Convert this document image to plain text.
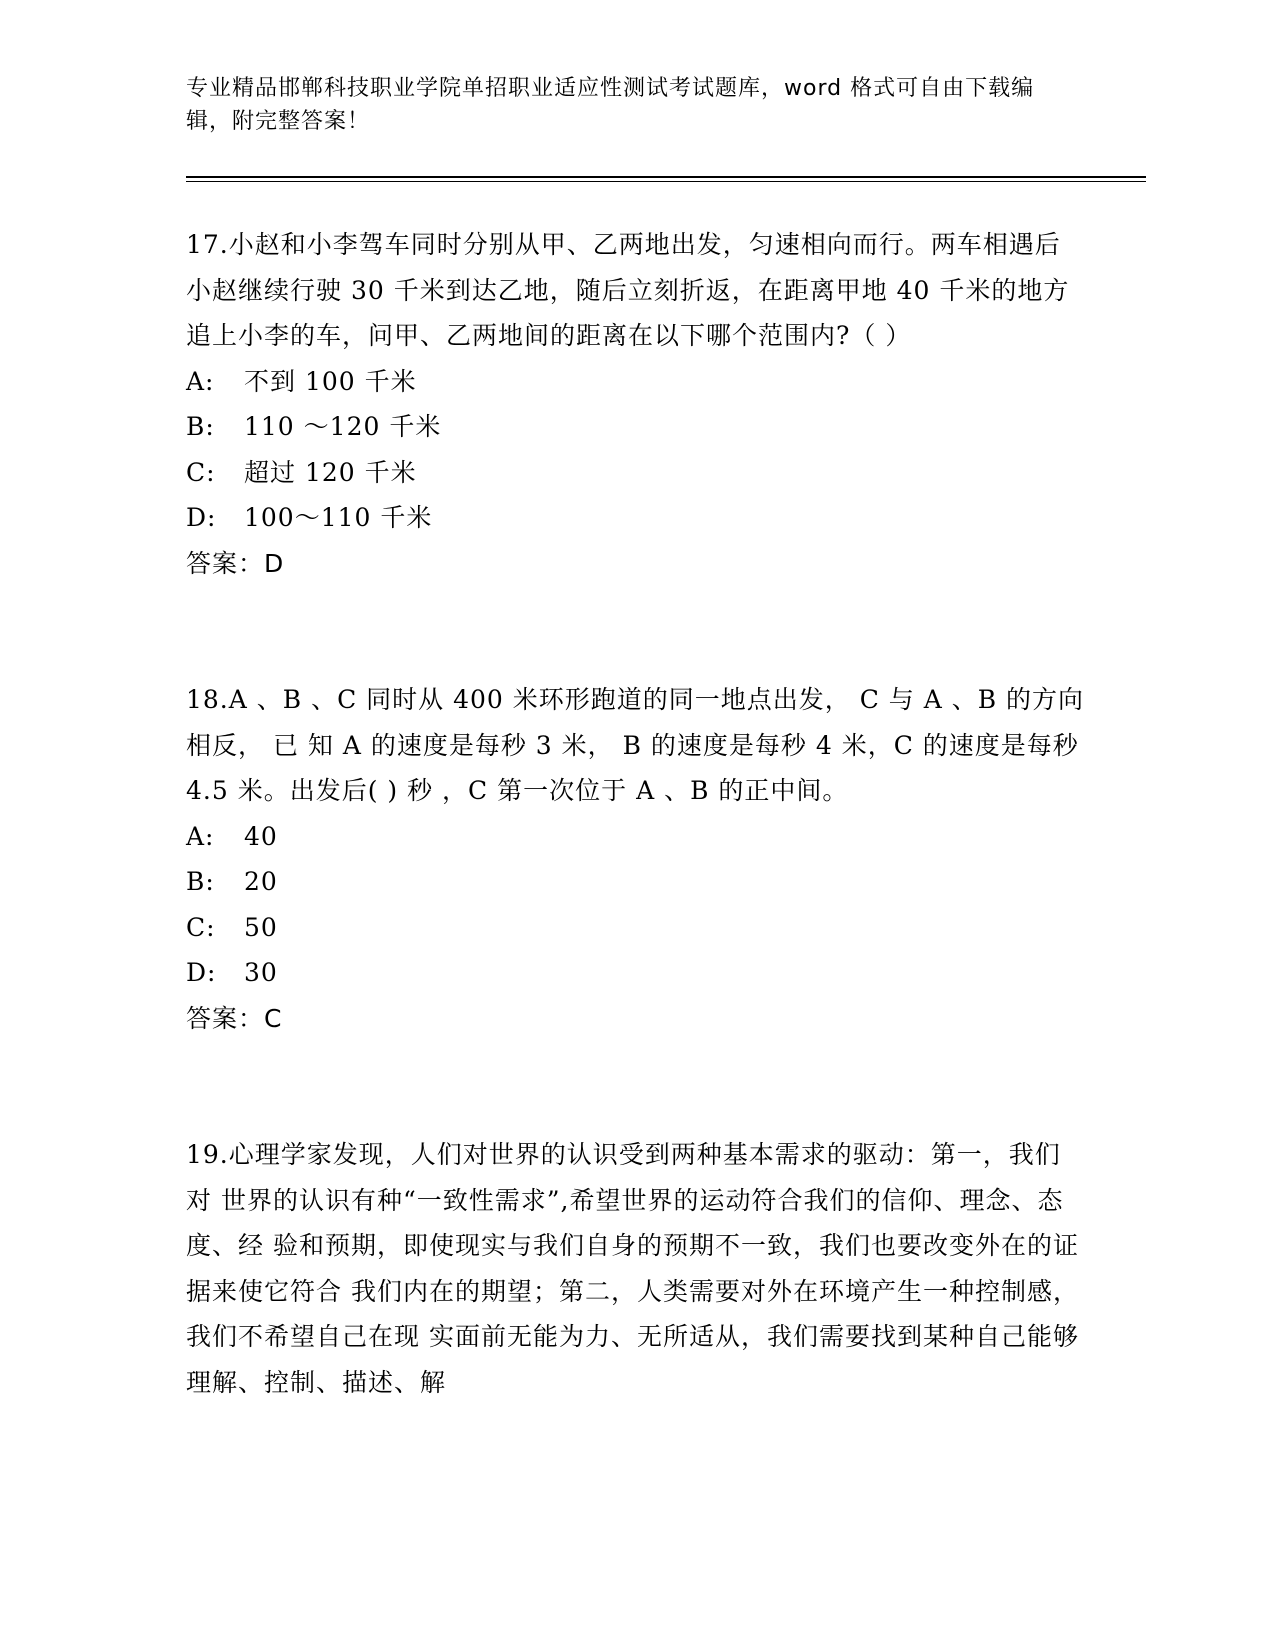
专业精品邯郸科技职业学院单招职业适应性测试考试题库，word 格式可自由下载编辑，附完整答案！
17.小赵和小李驾车同时分别从甲、乙两地出发，匀速相向而行。两车相遇后小赵继续行驶 30 千米到达乙地，随后立刻折返，在距离甲地 40 千米的地方追上小李的车，问甲、乙两地间的距离在以下哪个范围内?（ ）
A: 不到 100 千米
B: 110 ～120 千米
C: 超过 120 千米
D: 100～110 千米
答案：D
18.A 、B 、C 同时从 400 米环形跑道的同一地点出发， C 与 A 、B 的方向相反， 已 知 A 的速度是每秒 3 米， B 的速度是每秒 4 米，C 的速度是每秒 4.5 米。出发后( ) 秒 ，C 第一次位于 A 、B 的正中间。
A: 40
B: 20
C: 50
D: 30
答案：C
19.心理学家发现，人们对世界的认识受到两种基本需求的驱动：第一，我们对 世界的认识有种“一致性需求”,希望世界的运动符合我们的信仰、理念、态度、经 验和预期，即使现实与我们自身的预期不一致，我们也要改变外在的证据来使它符合 我们内在的期望；第二，人类需要对外在环境产生一种控制感，我们不希望自己在现 实面前无能为力、无所适从，我们需要找到某种自己能够理解、控制、描述、解
